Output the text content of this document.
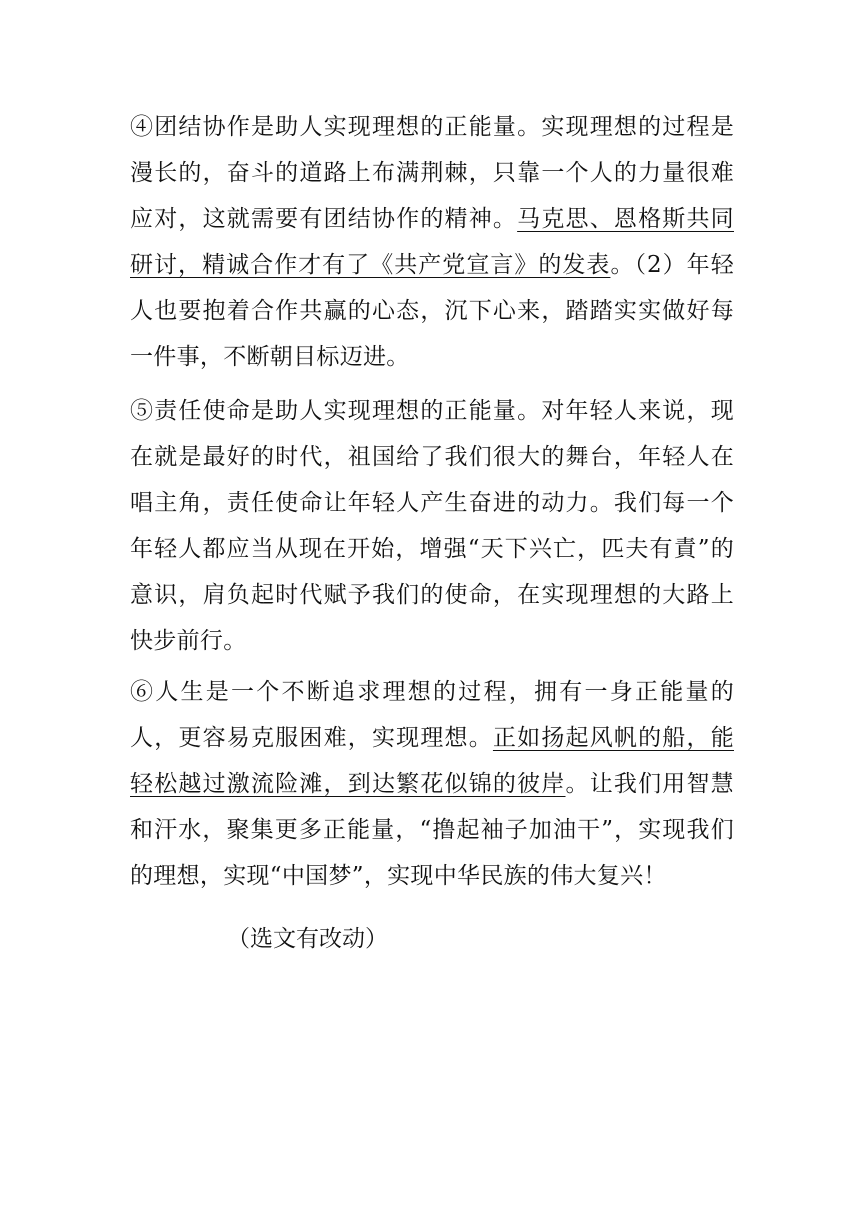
④团结协作是助人实现理想的正能量。实现理想的过程是漫长的，奋斗的道路上布满荆棘，只靠一个人的力量很难应对，这就需要有团结协作的精神。马克思、恩格斯共同研讨，精诚合作才有了《共产党宣言》的发表。（2）年轻人也要抱着合作共赢的心态，沉下心来，踏踏实实做好每一件事，不断朝目标迈进。

⑤责任使命是助人实现理想的正能量。对年轻人来说，现在就是最好的时代，祖国给了我们很大的舞台，年轻人在唱主角，责任使命让年轻人产生奋进的动力。我们每一个年轻人都应当从现在开始，增强“天下兴亡，匹夫有責”的意识，肩负起时代赋予我们的使命，在实现理想的大路上快步前行。

⑥人生是一个不断追求理想的过程，拥有一身正能量的人，更容易克服困难，实现理想。正如扬起风帆的船，能轻松越过激流险滩，到达繁花似锦的彼岸。让我们用智慧和汗水，聚集更多正能量，“撸起袖子加油干”，实现我们的理想，实现“中国梦”，实现中华民族的伟大复兴！

（选文有改动）
